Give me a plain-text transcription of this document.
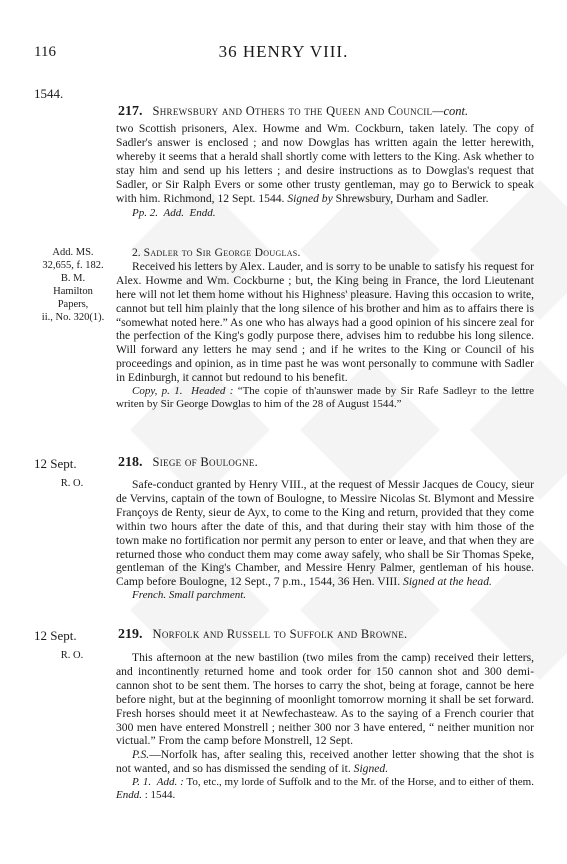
116	36 HENRY VIII.
1544.
217. Shrewsbury and Others to the Queen and Council—cont.

two Scottish prisoners, Alex. Howme and Wm. Cockburn, taken lately. The copy of Sadler's answer is enclosed ; and now Dowglas has written again the letter herewith, whereby it seems that a herald shall shortly come with letters to the King. Ask whether to stay him and send up his letters ; and desire instructions as to Dowglas's request that Sadler, or Sir Ralph Evers or some other trusty gentleman, may go to Berwick to speak with him. Richmond, 12 Sept. 1544. Signed by Shrewsbury, Durham and Sadler.

Pp. 2. Add. Endd.

Add. MS.
32,655, f. 182.
B. M.
Hamilton
Papers,
ii., No. 320(1).

2. Sadler to Sir George Douglas.

Received his letters by Alex. Lauder, and is sorry to be unable to satisfy his request for Alex. Howme and Wm. Cockburne ; but, the King being in France, the lord Lieutenant here will not let them home without his Highness' pleasure. Having this occasion to write, cannot but tell him plainly that the long silence of his brother and him as to affairs there is “somewhat noted here.” As one who has always had a good opinion of his sincere zeal for the perfection of the King's godly purpose there, advises him to redubbe his long silence. Will forward any letters he may send ; and if he writes to the King or Council of his proceedings and opinion, as in time past he was wont personally to commune with Sadler in Edinburgh, it cannot but redound to his benefit.

Copy, p. 1. Headed : “The copie of th'aunswer made by Sir Rafe Sadleyr to the lettre writen by Sir George Dowglas to him of the 28 of August 1544.”

12 Sept.
R. O.
218. Siege of Boulogne.

Safe-conduct granted by Henry VIII., at the request of Messir Jacques de Coucy, sieur de Vervins, captain of the town of Boulogne, to Messire Nicolas St. Blymont and Messire Françoys de Renty, sieur de Ayx, to come to the King and return, provided that they come within two hours after the date of this, and that during their stay with him those of the town make no fortification nor permit any person to enter or leave, and that when they are returned those who conduct them may come away safely, who shall be Sir Thomas Speke, gentleman of the King's Chamber, and Messire Henry Palmer, gentleman of his house. Camp before Boulogne, 12 Sept., 7 p.m., 1544, 36 Hen. VIII. Signed at the head.

French. Small parchment.

12 Sept.
R. O.
219. Norfolk and Russell to Suffolk and Browne.

This afternoon at the new bastilion (two miles from the camp) received their letters, and incontinently returned home and took order for 150 cannon shot and 300 demi-cannon shot to be sent them. The horses to carry the shot, being at forage, cannot be here before night, but at the beginning of moonlight tomorrow morning it shall be set forward. Fresh horses should meet it at Newfechasteaw. As to the saying of a French courier that 300 men have entered Monstrell ; neither 300 nor 3 have entered, “ neither munition nor victual.” From the camp before Monstrell, 12 Sept.

P.S.—Norfolk has, after sealing this, received another letter showing that the shot is not wanted, and so has dismissed the sending of it. Signed.

P. 1. Add. : To, etc., my lorde of Suffolk and to the Mr. of the Horse, and to either of them. Endd. : 1544.
